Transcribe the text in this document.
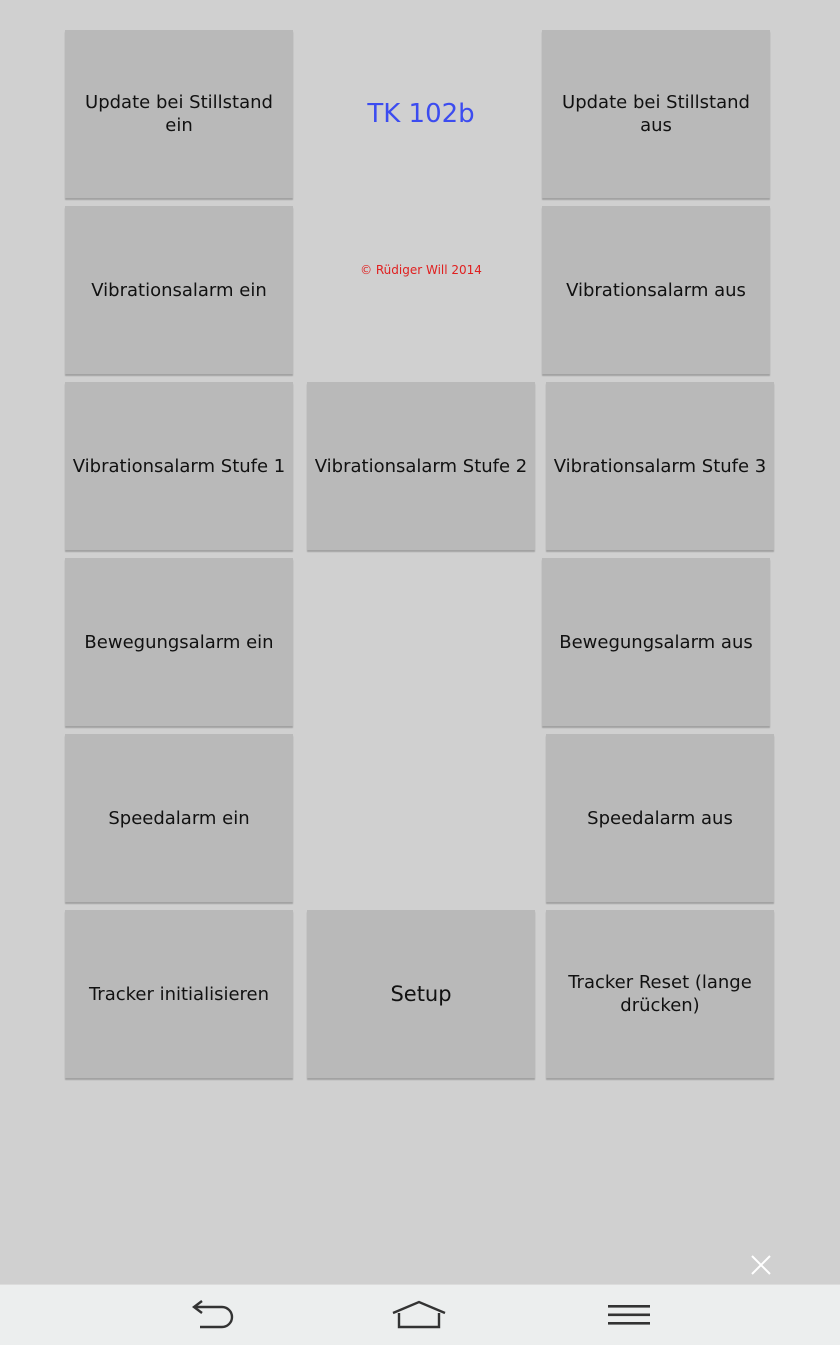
Update bei Stillstand ein	TK 102b	Update bei Stillstand aus
Vibrationsalarm ein
© Rüdiger Will 2014
Vibrationsalarm aus
Vibrationsalarm Stufe 1	Vibrationsalarm Stufe 2	Vibrationsalarm Stufe 3
Bewegungsalarm ein	Bewegungsalarm aus
Speedalarm ein	Speedalarm aus
Tracker initialisieren	Setup	Tracker Reset (lange drücken)
